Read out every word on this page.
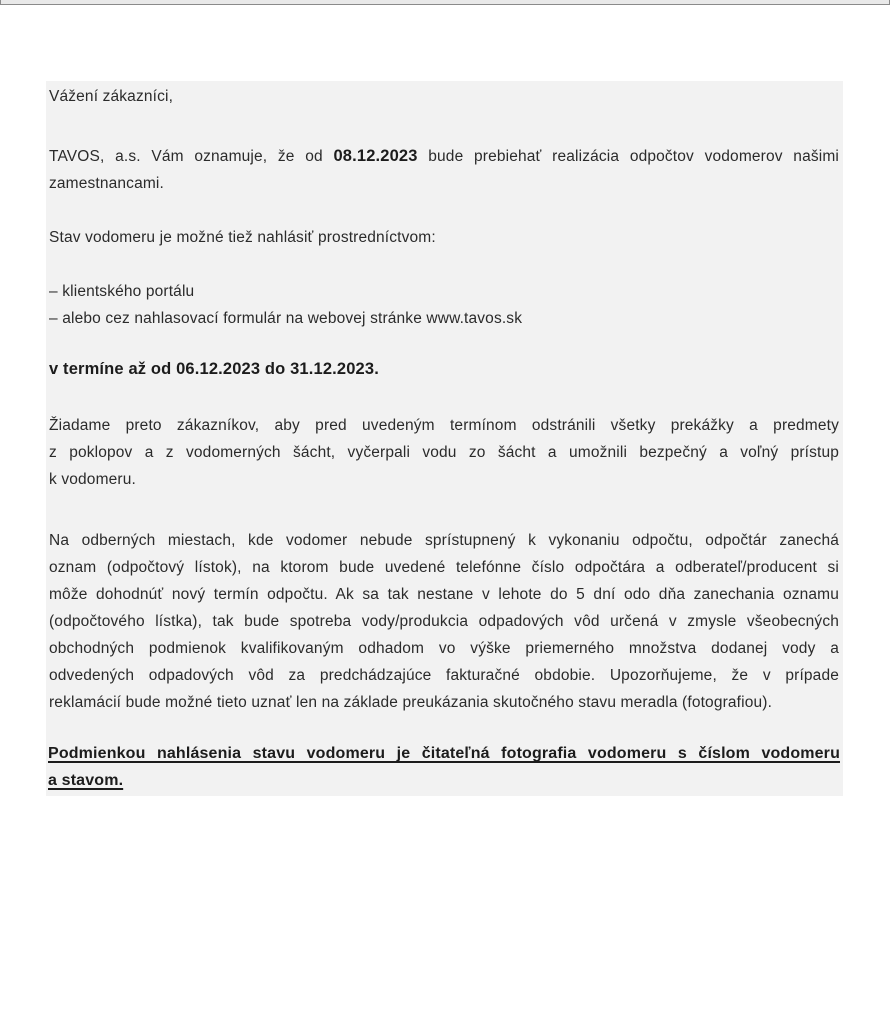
Vážení zákazníci,

TAVOS, a.s. Vám oznamuje, že od 08.12.2023 bude prebiehať realizácia odpočtov vodomerov našimi
zamestnancami.

Stav vodomeru je možné tiež nahlásiť prostredníctvom:

– klientského portálu
– alebo cez nahlasovací formulár na webovej stránke www.tavos.sk

v termíne až od 06.12.2023 do 31.12.2023.

Žiadame preto zákazníkov, aby pred uvedeným termínom odstránili všetky prekážky a predmety
z poklopov a z vodomerných šácht, vyčerpali vodu zo šácht a umožnili bezpečný a voľný prístup
k vodomeru.
Na odberných miestach, kde vodomer nebude sprístupnený k vykonaniu odpočtu, odpočtár zanechá
oznam (odpočtový lístok), na ktorom bude uvedené telefónne číslo odpočtára a odberateľ/producent si
môže dohodnúť nový termín odpočtu. Ak sa tak nestane v lehote do 5 dní odo dňa zanechania oznamu
(odpočtového lístka), tak bude spotreba vody/produkcia odpadových vôd určená v zmysle všeobecných
obchodných podmienok kvalifikovaným odhadom vo výške priemerného množstva dodanej vody a
odvedených odpadových vôd za predchádzajúce fakturačné obdobie. Upozorňujeme, že v prípade
reklamácií bude možné tieto uznať len na základe preukázania skutočného stavu meradla (fotografiou).
Podmienkou nahlásenia stavu vodomeru je čitateľná fotografia vodomeru s číslom vodomeru
a stavom.
